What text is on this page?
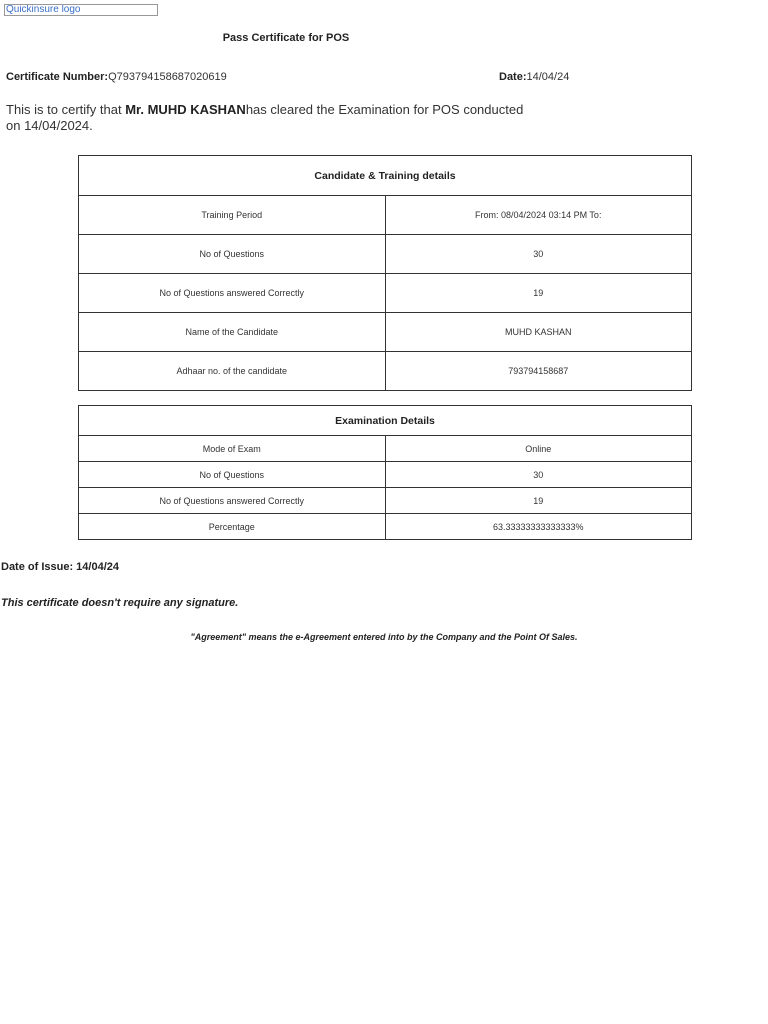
Quickinsure logo
Pass Certificate for POS
Certificate Number:Q793794158687020619	Date:14/04/24
This is to certify that Mr. MUHD KASHANhas cleared the Examination for POS conducted on 14/04/2024.
Candidate & Training details	
Training Period	From: 08/04/2024 03:14 PM To:
No of Questions	30
No of Questions answered Correctly	19
Name of the Candidate	MUHD KASHAN
Adhaar no. of the candidate	793794158687
Examination Details	
Mode of Exam	Online
No of Questions	30
No of Questions answered Correctly	19
Percentage	63.33333333333333%
Date of Issue: 14/04/24
This certificate doesn't require any signature.
"Agreement" means the e-Agreement entered into by the Company and the Point Of Sales.
